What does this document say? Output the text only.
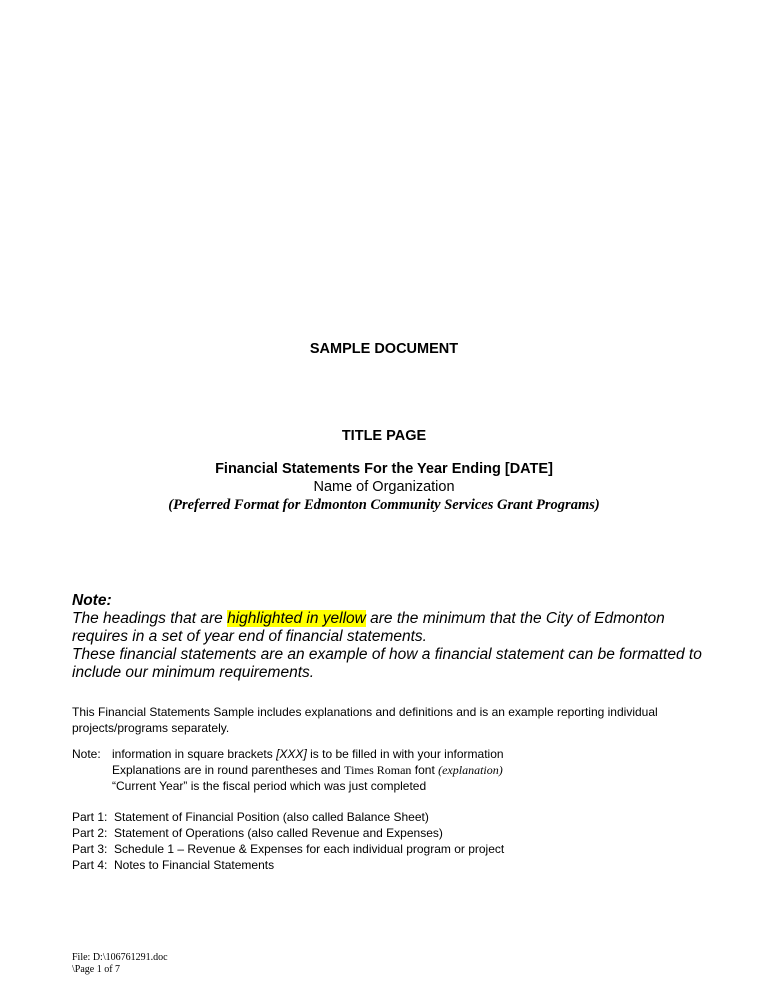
SAMPLE DOCUMENT
TITLE PAGE
Financial Statements For the Year Ending [DATE]
Name of Organization
(Preferred Format for Edmonton Community Services Grant Programs)
Note:
The headings that are highlighted in yellow are the minimum that the City of Edmonton requires in a set of year end of financial statements.
These financial statements are an example of how a financial statement can be formatted to include our minimum requirements.
This Financial Statements Sample includes explanations and definitions and is an example reporting individual projects/programs separately.
Note: information in square brackets [XXX] is to be filled in with your information
Explanations are in round parentheses and Times Roman font (explanation)
“Current Year” is the fiscal period which was just completed
Part 1: Statement of Financial Position (also called Balance Sheet)
Part 2: Statement of Operations (also called Revenue and Expenses)
Part 3: Schedule 1 – Revenue & Expenses for each individual program or project
Part 4: Notes to Financial Statements
File: D:\106761291.doc
\Page 1 of 7
